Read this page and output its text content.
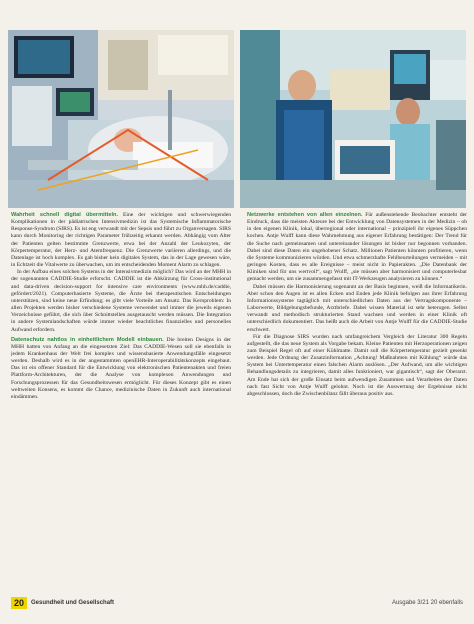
Wahrheit schnell digital übermitteln. Eine der wichtigen und schwerwiegenden Komplikationen in der pädiatrischen Intensivmedizin ist das Systemische Inflammatorische Response-Syndrom (SIRS). Es ist eng verwandt mit der Sepsis und führt zu Organversagen. SIRS kann durch Monitoring der richtigen Parameter frühzeitig erkannt werden. Abhängig vom Alter der Patienten gelten bestimmte Grenzwerte, etwa bei der Anzahl der Leukozyten, der Körpertemperatur, der Herz- und Atemfrequenz. Die Grenzwerte variieren allerdings, und die Datenlage ist hoch komplex. Es gab bisher kein digitales System, das in der Lage gewesen wäre, in Echtzeit die Vitalwerte zu überwachen, um im entscheidenden Moment Alarm zu schlagen.

In der Aufbau eines solchen Systems in der Intensivmedizin möglich? Das wird an der MHH in der sogenannten CADDIE-Studie erforscht. CADDIE ist die Abkürzung für Cross-institutional and data-driven decision-support for intensive care environments (www.mhh.de/caddie, gefördert/2021). Computerbasierte Systeme, die Ärzte bei therapeutischen Entscheidungen unterstützen, sind keine neue Erfindung; es gibt viele Vorteile am Ansatz. Das Kernproblem: In allen Projekten werden bisher verschiedene Systeme verwendet und immer die jeweils eigenen Verzeichnisse geführt, die sich über Schnittstellen ausgetauscht werden müssen. Die Integration in andere Systemlandschaften würde immer wieder beachtliches finanzielles und personelles Aufwand erfordern.

Datenschutz nahtlos in einheitlichem Modell einbauen. Die breiten Designs in der MHH hatten von Anfang an die eingesetzten Ziel: Das CADDIE-Wesen soll sie ebenfalls in jedem Krankenhaus der Welt frei komplex und wissensbasierte Anwendungsfälle eingesetzt werden. Deshalb wird es in der angestammten openEHR-Interoperabilitätskonzepts eingebaut. Das ist ein offener Standard für die Entwicklung von elektronischen Patientenakten und freien Plattform-Architekturen, der die Analyse von komplexen Anwendungen und Forschungsprozessen für das Gesundheitswesen ermöglicht. Für dieses Konzept gibt es einen weltweiten Konsens, es kommt die Chance, medizinische Daten in Zukunft auch international eindämmen.

Netzwerke entstehen von allen einzelnen. Für außenstehende Beobachter entsteht der Eindruck, dass die meisten Akteure bei der Entwicklung von Datensystemen in der Medizin – ob in den eigenen Klinik, lokal, überregional oder international – prinzipiell ihr eigenes Süppchen kochen. Antje Wulff kann diese Wahrnehmung aus eigener Erfahrung bestätigen: Der Trend für die Suche nach gemeinsamen und untereinander lösungen ist bisher nur begonnen vorhanden. Dabei sind diese Daten ein ungehobener Schatz. Millionen Patienten könnten profitieren, wenn die Systeme kommunizieren würden. Und etwa schmerzhafte Fehlbeurteilungen vermeiden – mit geringen Kosten, dass es alle Ereignisse – meist nicht in Papierakten. „Die Datenbank der Kliniken sind für uns wertvoll“, sagt Wulff, „sie müssen aber harmonisiert und computerlesbar gemacht werden, um sie zusammengefasst mit IT-Werkzeugen analysieren zu können.“

Dabei müssen die Harmonisierung sogenannt an der Basis beginnen, weiß die Informatikerin. Aber schon den Augen ist es allen Ecken und Enden jede Klinik befolgen aus ihrer Erfahrung Informationssysteme tagtäglich mit unterschiedlichen Daten aus der Vertragskomponente – Laborwerte, Bildgebungsbefunde, Arztbriefe. Dabei wissen Material ist sehr heterogen. Selbst verwandt und methodisch strukturierten Stand wachsen und werden in einer Klinik oft unterschiedlich dokumentiert. Das heißt auch die Arbeit von Antje Wulff für die CADDIE-Studie erschwert.

Für die Diagnose SIRS wurden nach umfangreichem Vergleich der Literatur 300 Regeln aufgestellt, die das neue System als Vorgabe bekam. Kleine Patienten mit Herzoperationen zeigen zum Beispiel Regel oft auf einer Kühlmatte. Damit soll die Körpertemperatur gezielt gesenkt werden. Jede Ordnung der Zusatzinformation „Achtung! Maßnahmen mit Kühlung“ würde das System bei Untertemperatur einen falschen Alarm auslösen. „Der Aufwand, um alle wichtigen Behandlungsdetails zu integrieren, damit alles funktioniert, war gigantisch“, sagt der Oberarzt. Am Ende hat sich der große Einsatz beim aufwendigen Zusammen und Verarbeiten der Daten nach fast Sicht von Antje Wulff gelohnt. Noch ist die Auswertung der Ergebnisse nicht abgeschlossen, doch die Zwischenbilanz fällt überaus positiv aus.

20	Gesundheit und Gesellschaft	Ausgabe 3/21 20 ebenfalls
